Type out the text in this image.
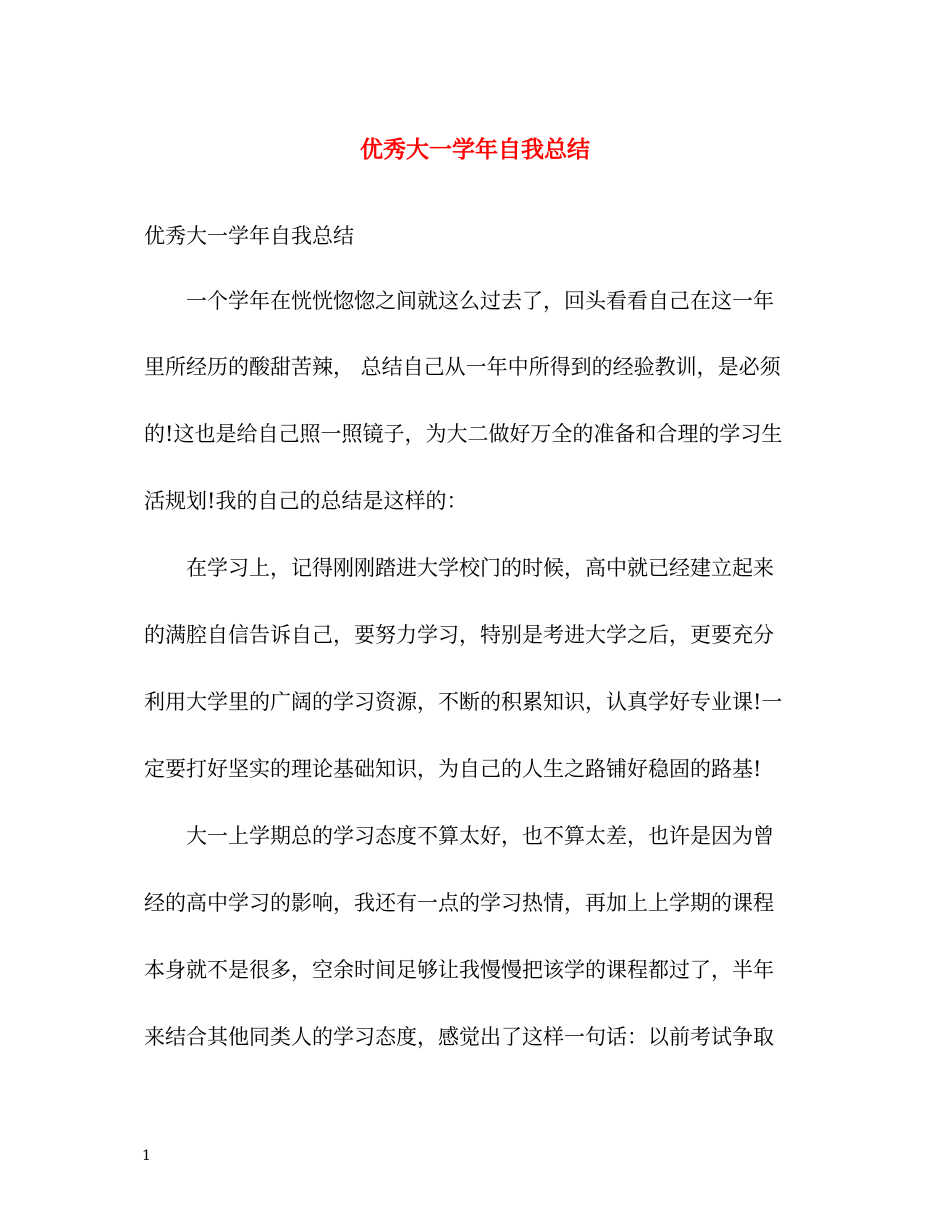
优秀大一学年自我总结
优秀大一学年自我总结
一个学年在恍恍惚惚之间就这么过去了，回头看看自己在这一年
里所经历的酸甜苦辣， 总结自己从一年中所得到的经验教训，是必须
的!这也是给自己照一照镜子，为大二做好万全的准备和合理的学习生
活规划!我的自己的总结是这样的：
在学习上，记得刚刚踏进大学校门的时候，高中就已经建立起来
的满腔自信告诉自己，要努力学习，特别是考进大学之后，更要充分
利用大学里的广阔的学习资源，不断的积累知识，认真学好专业课!一
定要打好坚实的理论基础知识，为自己的人生之路铺好稳固的路基!
大一上学期总的学习态度不算太好，也不算太差，也许是因为曾
经的高中学习的影响，我还有一点的学习热情，再加上上学期的课程
本身就不是很多，空余时间足够让我慢慢把该学的课程都过了，半年
来结合其他同类人的学习态度，感觉出了这样一句话：以前考试争取
1
